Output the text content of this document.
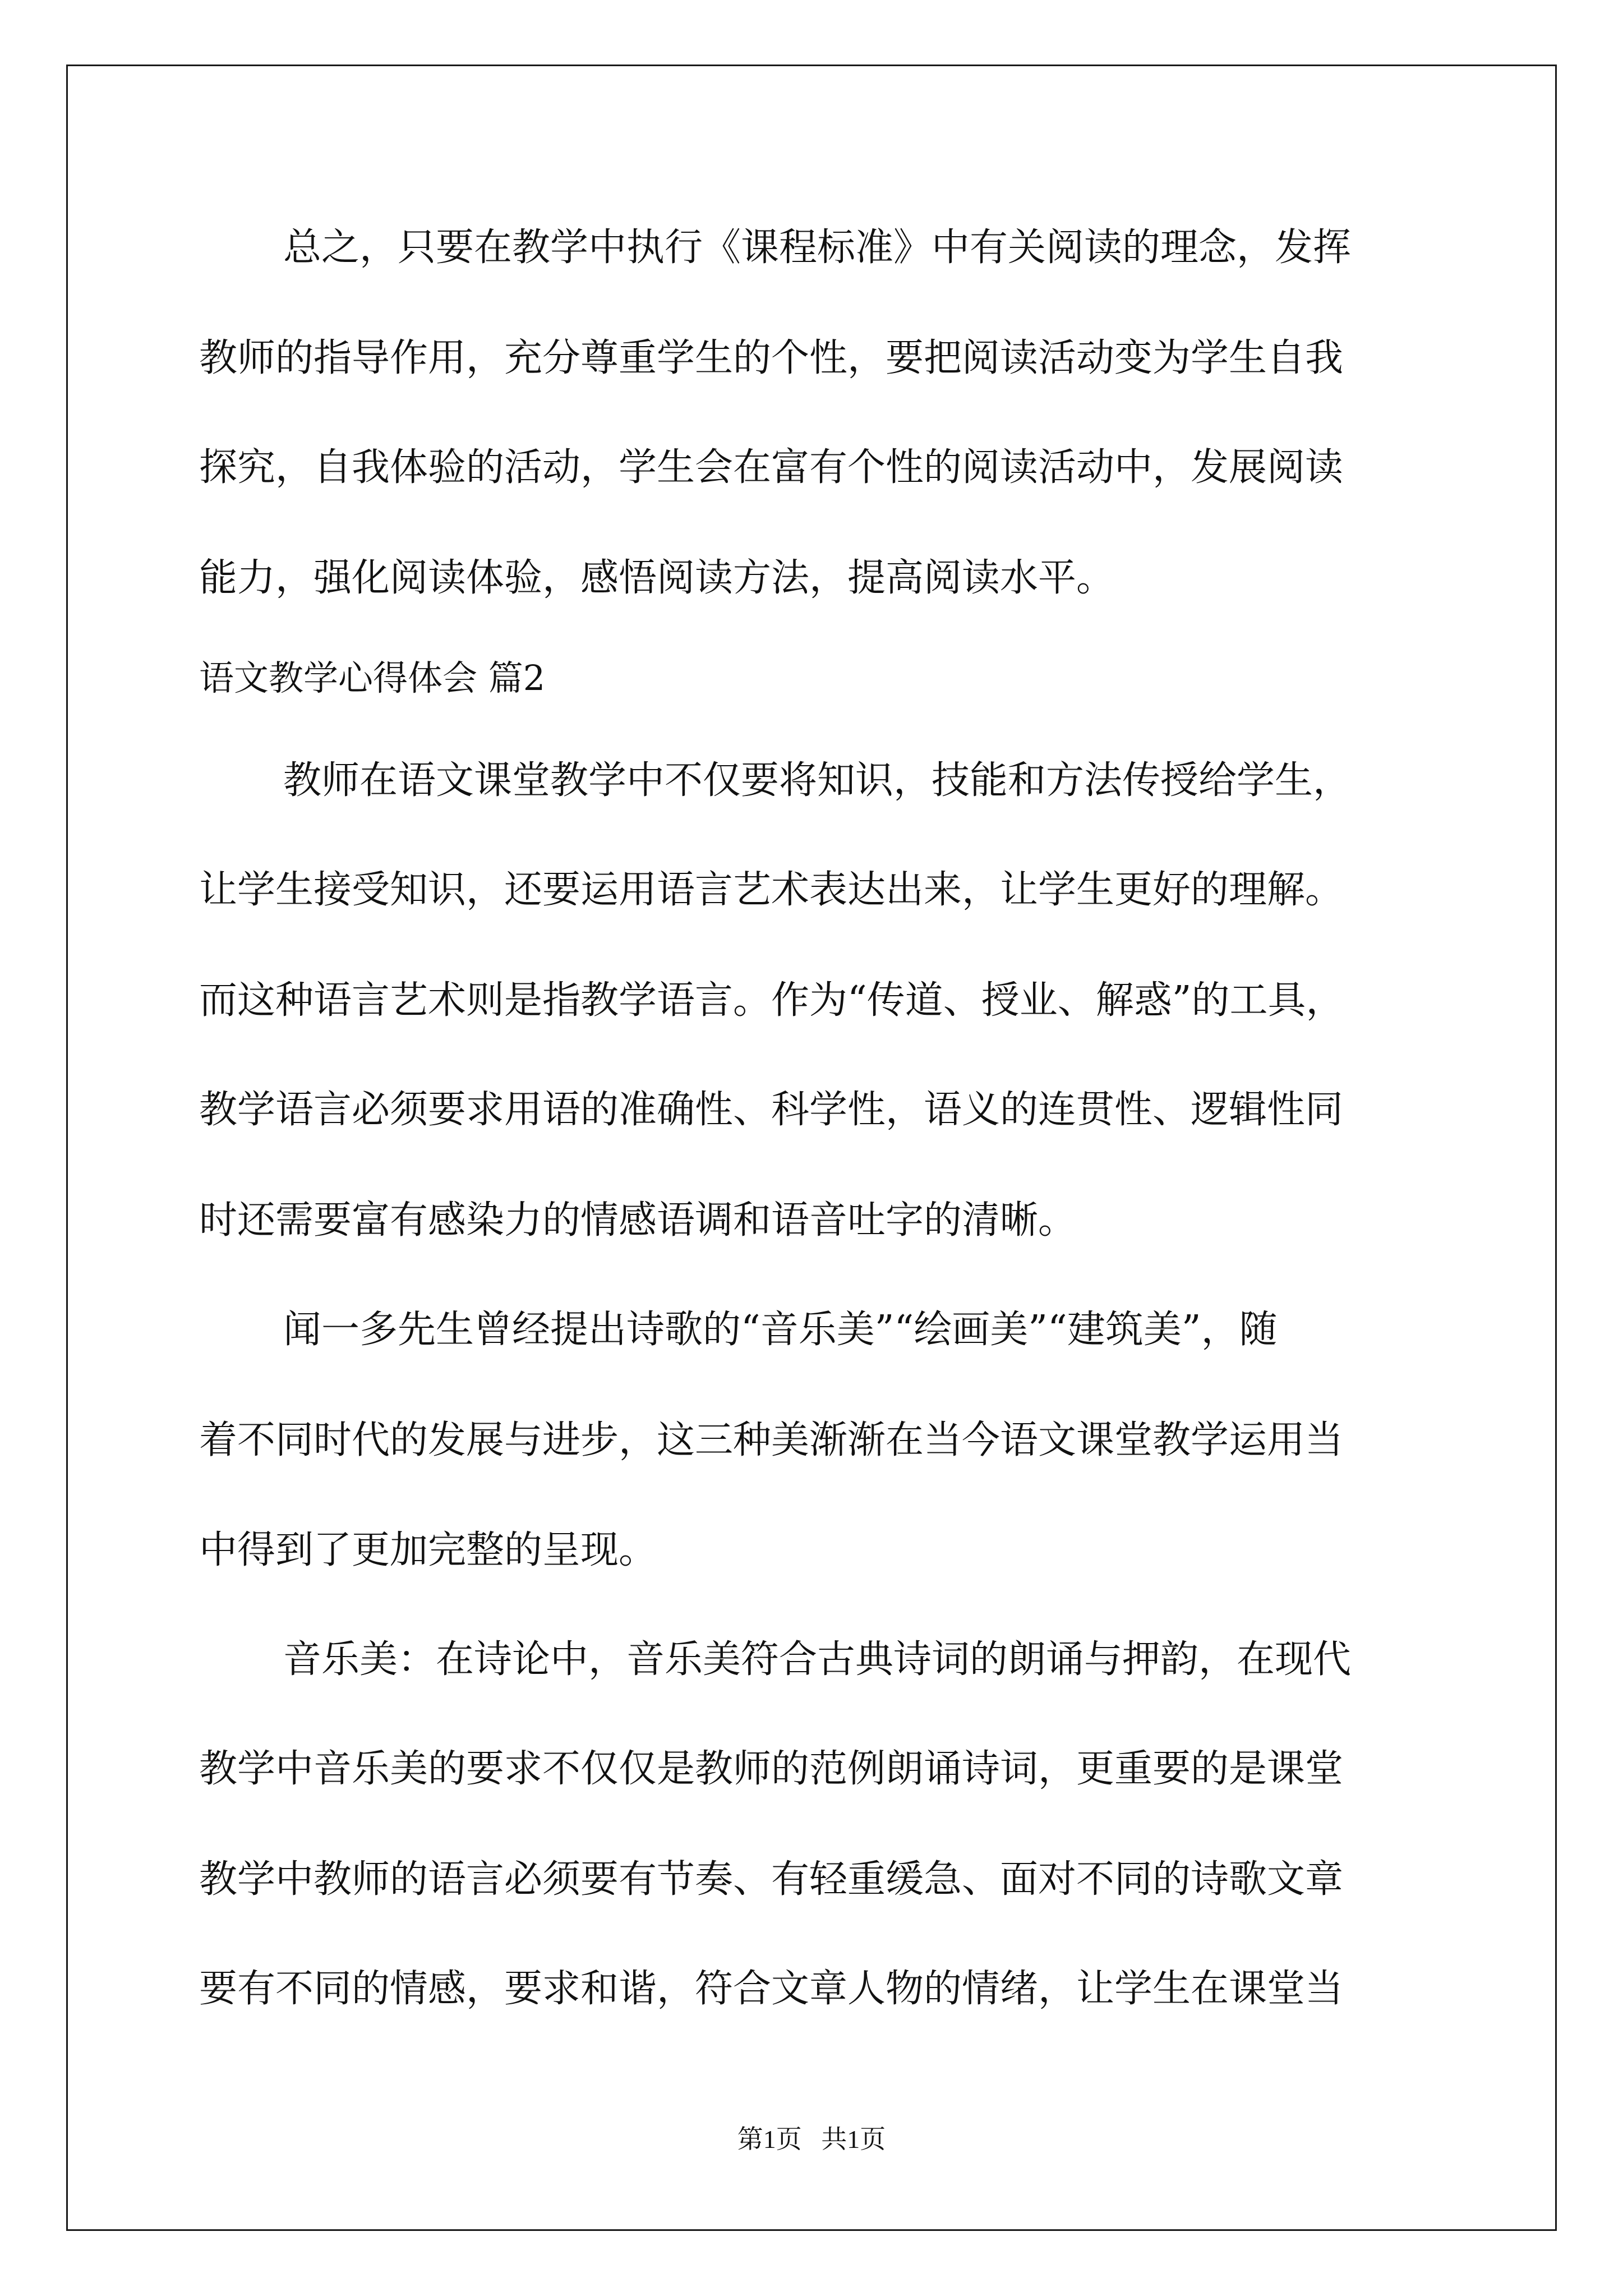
总之，只要在教学中执行《课程标准》中有关阅读的理念，发挥
教师的指导作用，充分尊重学生的个性，要把阅读活动变为学生自我
探究，自我体验的活动，学生会在富有个性的阅读活动中，发展阅读
能力，强化阅读体验，感悟阅读方法，提高阅读水平。
语文教学心得体会 篇2
教师在语文课堂教学中不仅要将知识，技能和方法传授给学生，
让学生接受知识，还要运用语言艺术表达出来，让学生更好的理解。
而这种语言艺术则是指教学语言。作为“传道、授业、解惑”的工具，
教学语言必须要求用语的准确性、科学性，语义的连贯性、逻辑性同
时还需要富有感染力的情感语调和语音吐字的清晰。
闻一多先生曾经提出诗歌的“音乐美”“绘画美”“建筑美”，随
着不同时代的发展与进步，这三种美渐渐在当今语文课堂教学运用当
中得到了更加完整的呈现。
音乐美：在诗论中，音乐美符合古典诗词的朗诵与押韵，在现代
教学中音乐美的要求不仅仅是教师的范例朗诵诗词，更重要的是课堂
教学中教师的语言必须要有节奏、有轻重缓急、面对不同的诗歌文章
要有不同的情感，要求和谐，符合文章人物的情绪，让学生在课堂当
第1页   共1页
